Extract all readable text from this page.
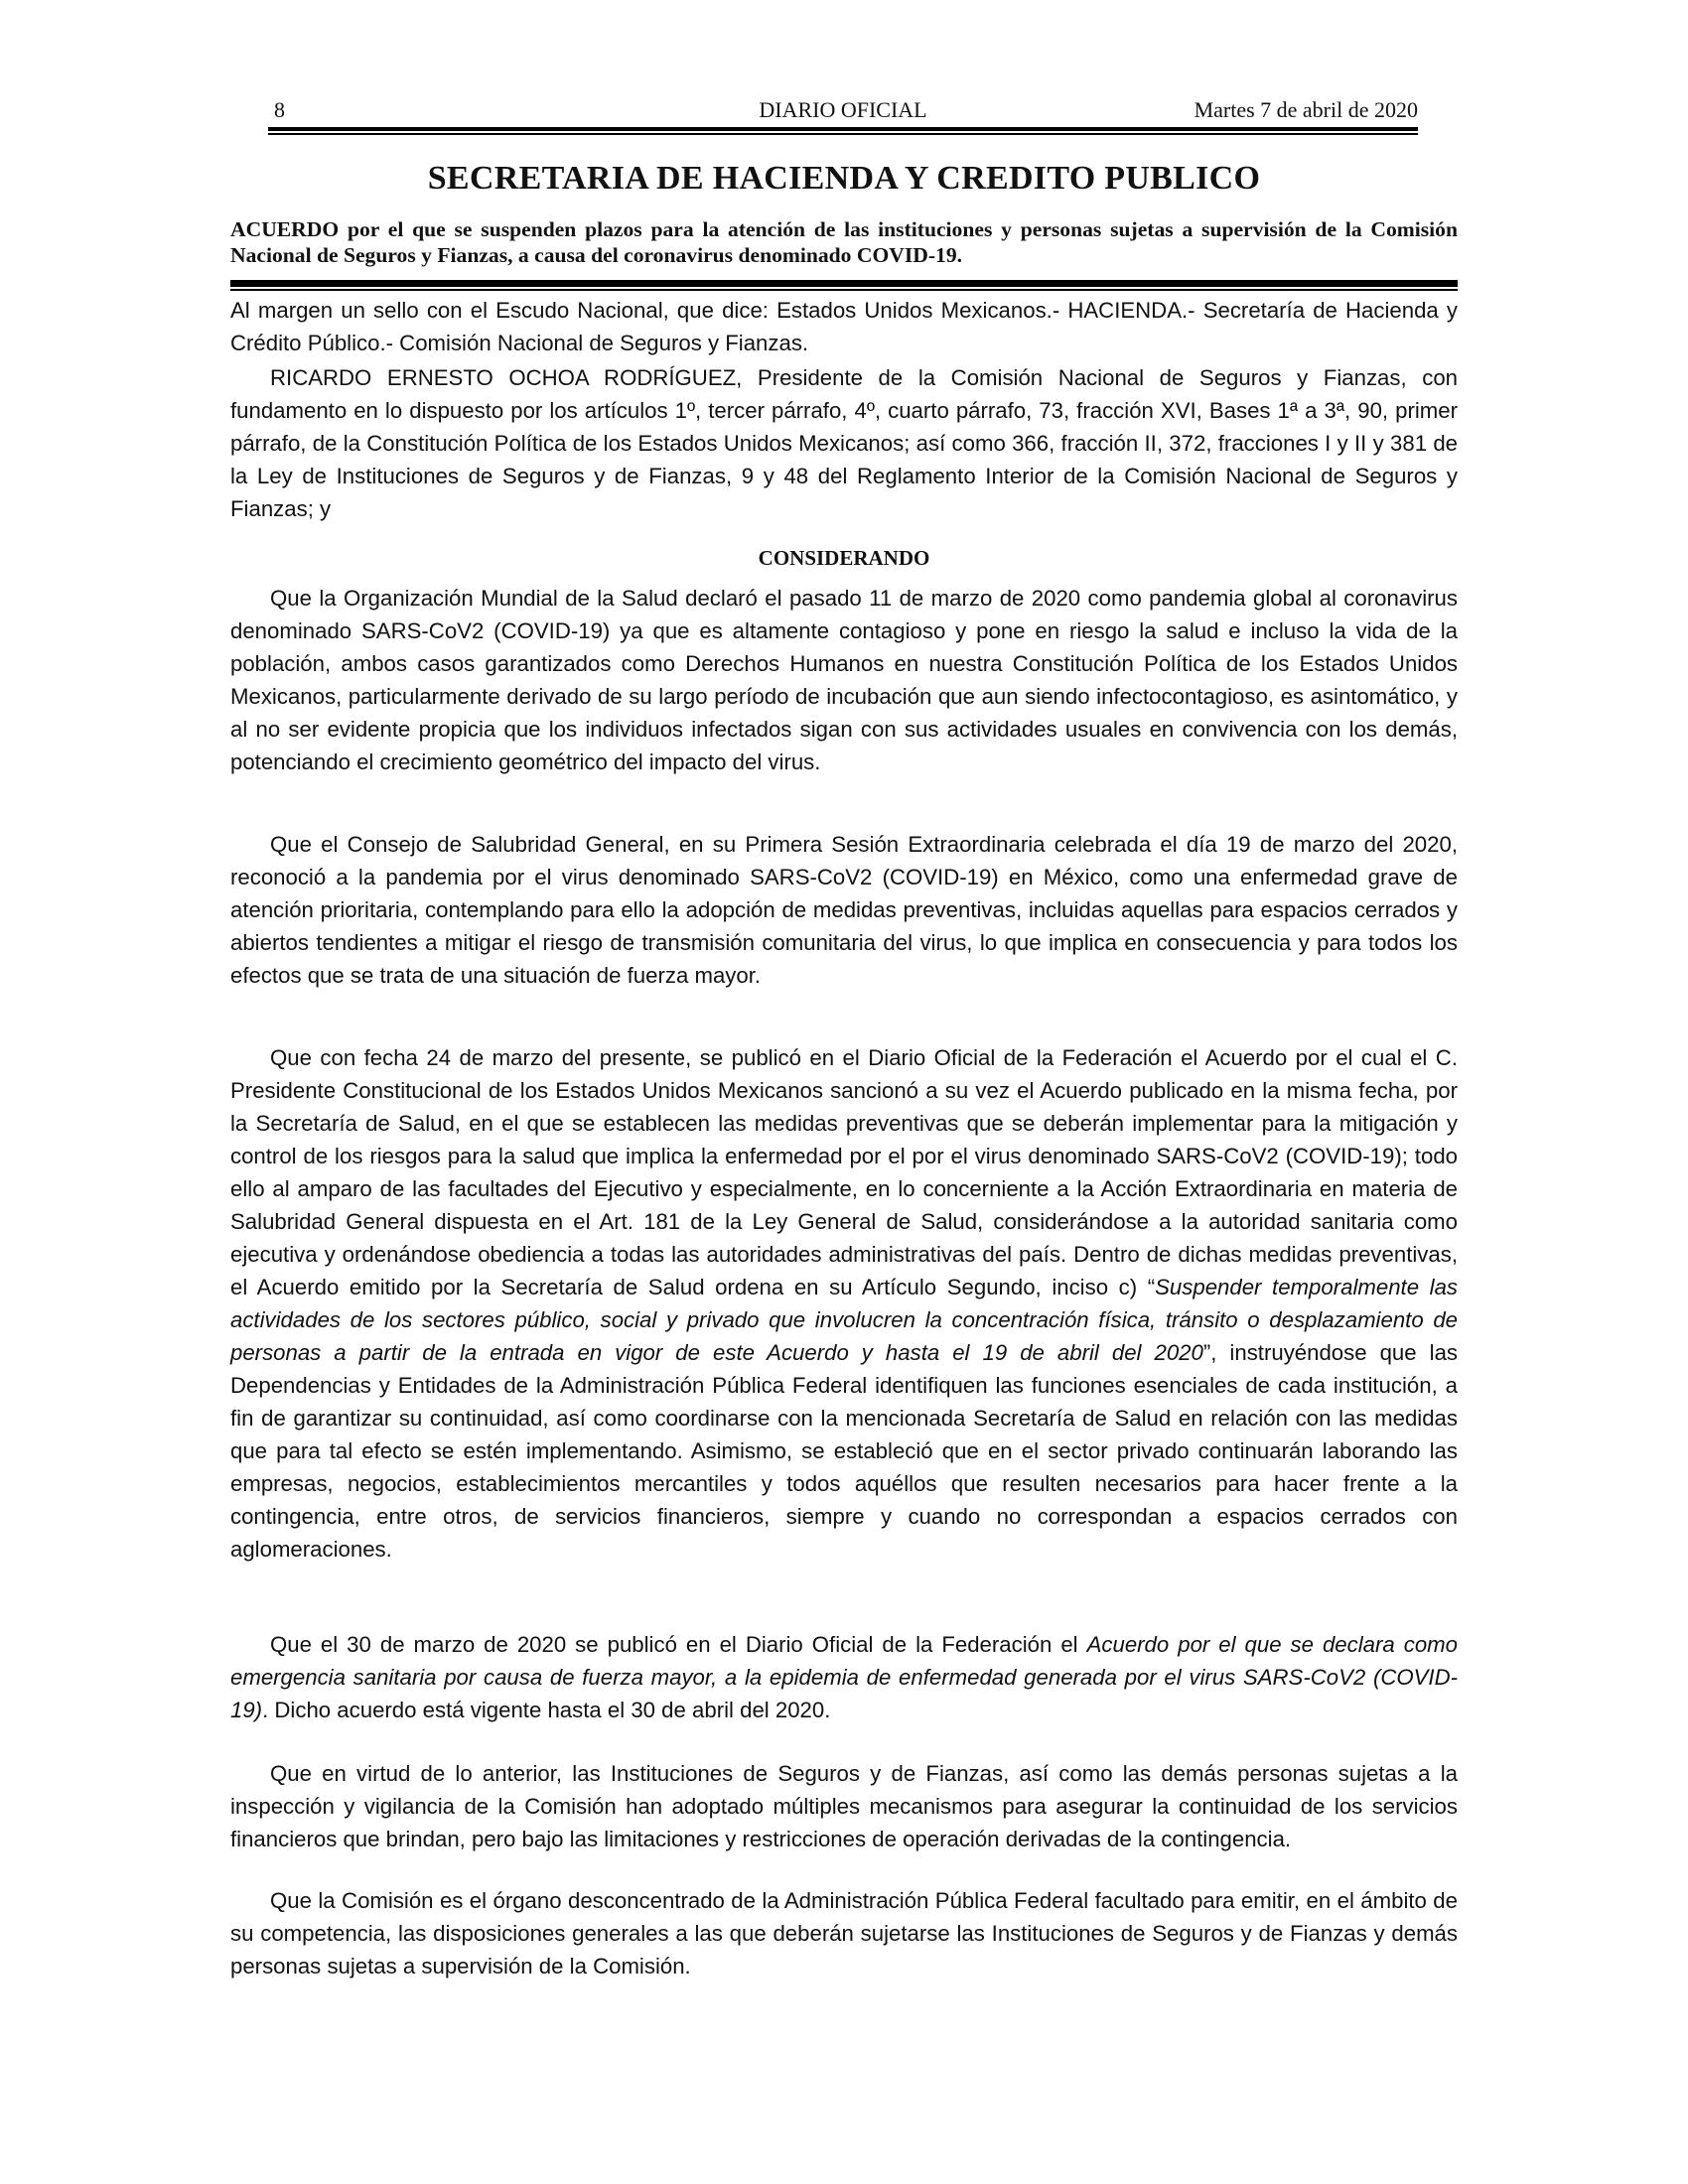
8	DIARIO OFICIAL	Martes 7 de abril de 2020
SECRETARIA DE HACIENDA Y CREDITO PUBLICO
ACUERDO por el que se suspenden plazos para la atención de las instituciones y personas sujetas a supervisión de la Comisión Nacional de Seguros y Fianzas, a causa del coronavirus denominado COVID-19.

Al margen un sello con el Escudo Nacional, que dice: Estados Unidos Mexicanos.- HACIENDA.- Secretaría de Hacienda y Crédito Público.- Comisión Nacional de Seguros y Fianzas.

RICARDO ERNESTO OCHOA RODRÍGUEZ, Presidente de la Comisión Nacional de Seguros y Fianzas, con fundamento en lo dispuesto por los artículos 1º, tercer párrafo, 4º, cuarto párrafo, 73, fracción XVI, Bases 1ª a 3ª, 90, primer párrafo, de la Constitución Política de los Estados Unidos Mexicanos; así como 366, fracción II, 372, fracciones I y II y 381 de la Ley de Instituciones de Seguros y de Fianzas, 9 y 48 del Reglamento Interior de la Comisión Nacional de Seguros y Fianzas; y

CONSIDERANDO

Que la Organización Mundial de la Salud declaró el pasado 11 de marzo de 2020 como pandemia global al coronavirus denominado SARS-CoV2 (COVID-19) ya que es altamente contagioso y pone en riesgo la salud e incluso la vida de la población, ambos casos garantizados como Derechos Humanos en nuestra Constitución Política de los Estados Unidos Mexicanos, particularmente derivado de su largo período de incubación que aun siendo infectocontagioso, es asintomático, y al no ser evidente propicia que los individuos infectados sigan con sus actividades usuales en convivencia con los demás, potenciando el crecimiento geométrico del impacto del virus.

Que el Consejo de Salubridad General, en su Primera Sesión Extraordinaria celebrada el día 19 de marzo del 2020, reconoció a la pandemia por el virus denominado SARS-CoV2 (COVID-19) en México, como una enfermedad grave de atención prioritaria, contemplando para ello la adopción de medidas preventivas, incluidas aquellas para espacios cerrados y abiertos tendientes a mitigar el riesgo de transmisión comunitaria del virus, lo que implica en consecuencia y para todos los efectos que se trata de una situación de fuerza mayor.

Que con fecha 24 de marzo del presente, se publicó en el Diario Oficial de la Federación el Acuerdo por el cual el C. Presidente Constitucional de los Estados Unidos Mexicanos sancionó a su vez el Acuerdo publicado en la misma fecha, por la Secretaría de Salud, en el que se establecen las medidas preventivas que se deberán implementar para la mitigación y control de los riesgos para la salud que implica la enfermedad por el por el virus denominado SARS-CoV2 (COVID-19); todo ello al amparo de las facultades del Ejecutivo y especialmente, en lo concerniente a la Acción Extraordinaria en materia de Salubridad General dispuesta en el Art. 181 de la Ley General de Salud, considerándose a la autoridad sanitaria como ejecutiva y ordenándose obediencia a todas las autoridades administrativas del país. Dentro de dichas medidas preventivas, el Acuerdo emitido por la Secretaría de Salud ordena en su Artículo Segundo, inciso c) “Suspender temporalmente las actividades de los sectores público, social y privado que involucren la concentración física, tránsito o desplazamiento de personas a partir de la entrada en vigor de este Acuerdo y hasta el 19 de abril del 2020”, instruyéndose que las Dependencias y Entidades de la Administración Pública Federal identifiquen las funciones esenciales de cada institución, a fin de garantizar su continuidad, así como coordinarse con la mencionada Secretaría de Salud en relación con las medidas que para tal efecto se estén implementando. Asimismo, se estableció que en el sector privado continuarán laborando las empresas, negocios, establecimientos mercantiles y todos aquéllos que resulten necesarios para hacer frente a la contingencia, entre otros, de servicios financieros, siempre y cuando no correspondan a espacios cerrados con aglomeraciones.

Que el 30 de marzo de 2020 se publicó en el Diario Oficial de la Federación el Acuerdo por el que se declara como emergencia sanitaria por causa de fuerza mayor, a la epidemia de enfermedad generada por el virus SARS-CoV2 (COVID-19). Dicho acuerdo está vigente hasta el 30 de abril del 2020.

Que en virtud de lo anterior, las Instituciones de Seguros y de Fianzas, así como las demás personas sujetas a la inspección y vigilancia de la Comisión han adoptado múltiples mecanismos para asegurar la continuidad de los servicios financieros que brindan, pero bajo las limitaciones y restricciones de operación derivadas de la contingencia.

Que la Comisión es el órgano desconcentrado de la Administración Pública Federal facultado para emitir, en el ámbito de su competencia, las disposiciones generales a las que deberán sujetarse las Instituciones de Seguros y de Fianzas y demás personas sujetas a supervisión de la Comisión.
